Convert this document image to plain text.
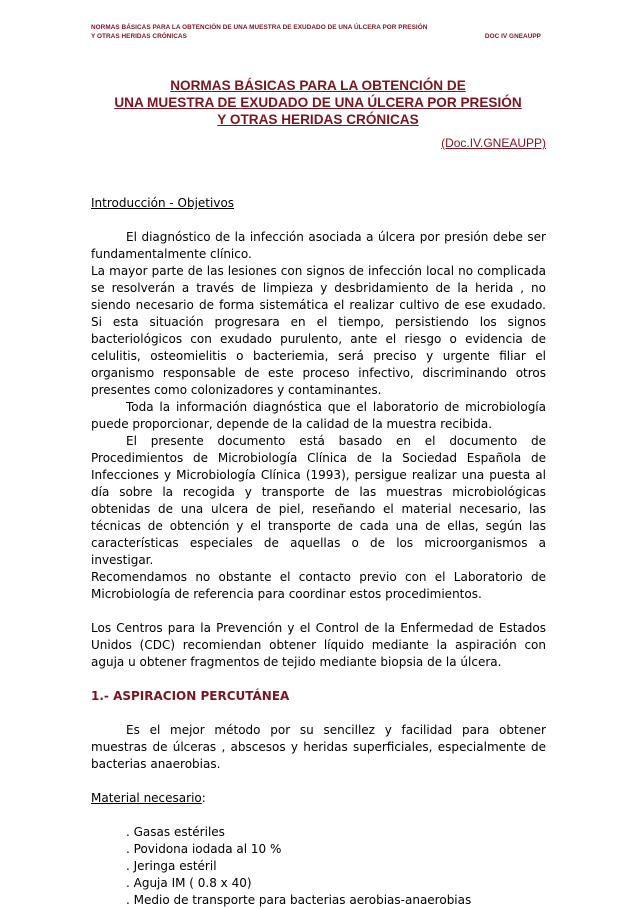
NORMAS BÁSICAS PARA LA OBTENCIÓN DE UNA MUESTRA DE EXUDADO DE UNA ÚLCERA POR PRESIÓN
Y OTRAS HERIDAS CRÓNICAS	DOC IV GNEAUPP
NORMAS BÁSICAS PARA LA OBTENCIÓN DE
UNA MUESTRA DE EXUDADO DE UNA ÚLCERA POR PRESIÓN
Y OTRAS HERIDAS CRÓNICAS
(Doc.IV.GNEAUPP)

Introducción - Objetivos

El diagnóstico de la infección asociada a úlcera por presión debe ser fundamentalmente clínico.

La mayor parte de las lesiones con signos de infección local no complicada se resolverán a través de limpieza y desbridamiento de la herida , no siendo necesario de forma sistemática el realizar cultivo de ese exudado. Si esta situación progresara en el tiempo, persistiendo los signos bacteriológicos con exudado purulento, ante el riesgo o evidencia de celulitis, osteomielitis o bacteriemia, será preciso y urgente filiar el organismo responsable de este proceso infectivo, discriminando otros presentes como colonizadores y contaminantes.

Toda la información diagnóstica que el laboratorio de microbiología puede proporcionar, depende de la calidad de la muestra recibida.

El presente documento está basado en el documento de Procedimientos de Microbiología Clínica de la Sociedad Española de Infecciones y Microbiología Clínica (1993), persigue realizar una puesta al día sobre la recogida y transporte de las muestras microbiológicas obtenidas de una ulcera de piel, reseñando el material necesario, las técnicas de obtención y el transporte de cada una de ellas, según las características especiales de aquellas o de los microorganismos a investigar.

Recomendamos no obstante el contacto previo con el Laboratorio de Microbiología de referencia para coordinar estos procedimientos.

Los Centros para la Prevención y el Control de la Enfermedad de Estados Unidos (CDC) recomiendan obtener líquido mediante la aspiración con aguja u obtener fragmentos de tejido mediante biopsia de la úlcera.

1.- ASPIRACION PERCUTÁNEA

Es el mejor método por su sencillez y facilidad para obtener muestras de úlceras , abscesos y heridas superficiales, especialmente de bacterias anaerobias.

Material necesario:

. Gasas estériles
. Povidona iodada al 10 %
. Jeringa estéril
. Aguja IM ( 0.8 x 40)
. Medio de transporte para bacterias aerobias-anaerobias
